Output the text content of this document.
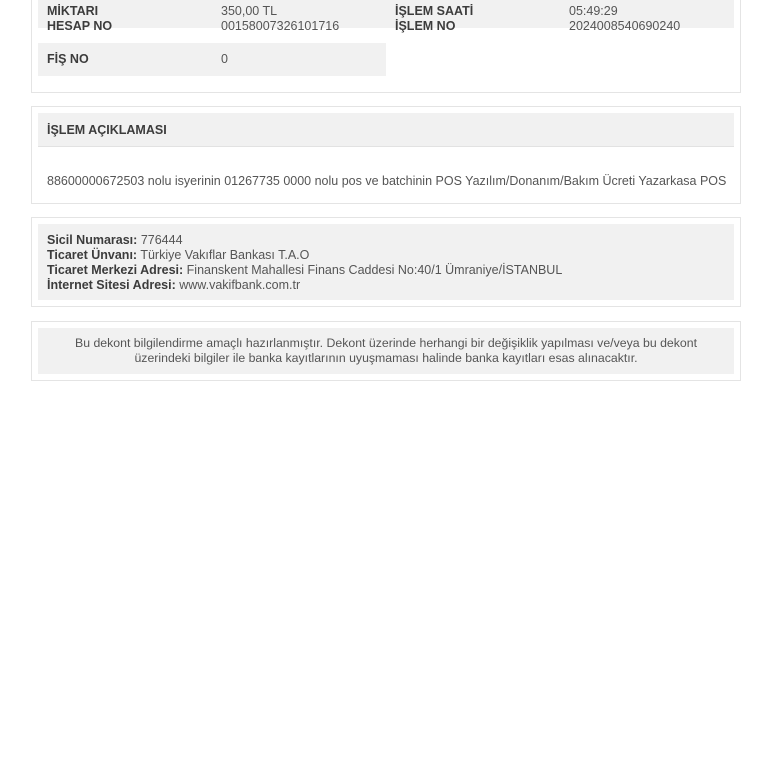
MİKTARI	350,00 TL	İŞLEM SAATİ	05:49:29
HESAP NO	00158007326101716	İŞLEM NO	2024008540690240
FİŞ NO	0
İŞLEM AÇIKLAMASI
88600000672503 nolu isyerinin 01267735 0000 nolu pos ve batchinin POS Yazılım/Donanım/Bakım Ücreti Yazarkasa POS
Sicil Numarası: 776444
Ticaret Ünvanı: Türkiye Vakıflar Bankası T.A.O
Ticaret Merkezi Adresi: Finanskent Mahallesi Finans Caddesi No:40/1 Ümraniye/İSTANBUL
İnternet Sitesi Adresi: www.vakifbank.com.tr
Bu dekont bilgilendirme amaçlı hazırlanmıştır. Dekont üzerinde herhangi bir değişiklik yapılması ve/veya bu dekont
üzerindeki bilgiler ile banka kayıtlarının uyuşmaması halinde banka kayıtları esas alınacaktır.
